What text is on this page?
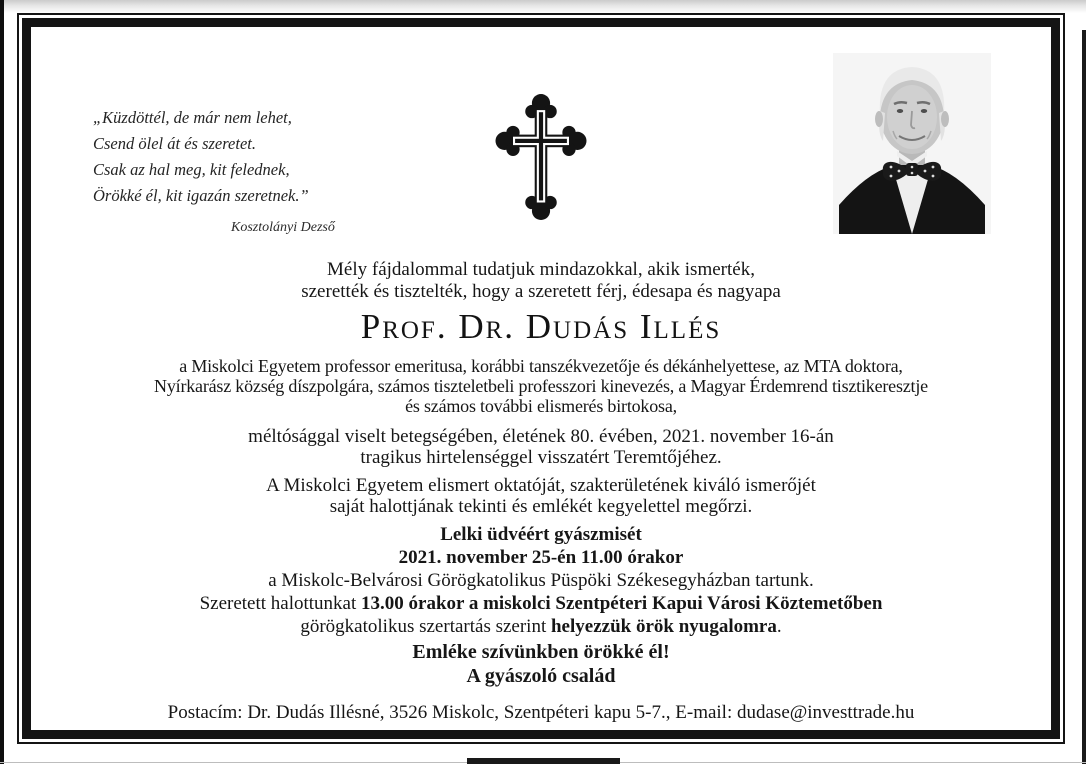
„Küzdöttél, de már nem lehet,
Csend ölel át és szeretet.
Csak az hal meg, kit felednek,
Örökké él, kit igazán szeretnek.”
Kosztolányi Dezső
Mély fájdalommal tudatjuk mindazokkal, akik ismerték,
szerették és tisztelték, hogy a szeretett férj, édesapa és nagyapa
Prof. Dr. Dudás Illés
a Miskolci Egyetem professor emeritusa, korábbi tanszékvezetője és dékánhelyettese, az MTA doktora,
Nyírkarász község díszpolgára, számos tiszteletbeli professzori kinevezés, a Magyar Érdemrend tisztikeresztje
és számos további elismerés birtokosa,
méltósággal viselt betegségében, életének 80. évében, 2021. november 16-án
tragikus hirtelenséggel visszatért Teremtőjéhez.
A Miskolci Egyetem elismert oktatóját, szakterületének kiváló ismerőjét
saját halottjának tekinti és emlékét kegyelettel megőrzi.
Lelki üdvéért gyászmisét
2021. november 25-én 11.00 órakor
a Miskolc-Belvárosi Görögkatolikus Püspöki Székesegyházban tartunk.
Szeretett halottunkat 13.00 órakor a miskolci Szentpéteri Kapui Városi Köztemetőben
görögkatolikus szertartás szerint helyezzük örök nyugalomra.
Emléke szívünkben örökké él!
A gyászoló család
Postacím: Dr. Dudás Illésné, 3526 Miskolc, Szentpéteri kapu 5-7., E-mail: dudase@investtrade.hu
